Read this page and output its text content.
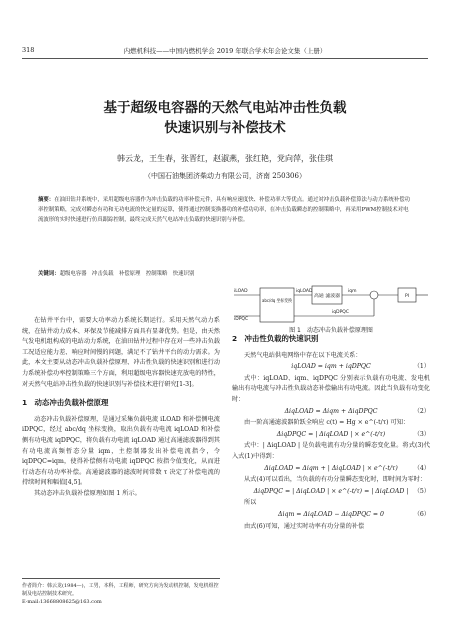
318	内燃机科技——中国内燃机学会 2019 年联合学术年会论文集（上册）
基于超级电容器的天然气电站冲击性负载
快速识别与补偿技术
韩云龙，王生春，张晋红，赵淑燕，张红艳，党向萍，张佳琪
（中国石油集团济柴动力有限公司，济南 250306）
摘要：在油田钻井系统中，采用超级电容器作为冲击负载的功率补偿元件，具有响应速度快、补偿功率大等优点。通过対冲击负载补偿算法与动力系统补偿功率控制策略，完成对瞬态有功和无功电流的快定量的运算，使得通过控制变换器功的补偿功功率，在冲击负载瞬态的控制策略中，再采用PWM控制技术对电流波形的实时快速进行仿真跟踪控制，最终完成天然气电站冲击负载的快速识别与补偿。
关键词：超级电容器　冲击负载　补偿原理　控制策略　快速识别
iLOAD
iDPQC
abc/dq 坐标变换
iqLOAD
高通 滤波器
iqm
iqDPQC
PI
图 1　动态冲击负载补偿原理图

在钻井平台中，需要大功率动力系统长期运行。采用天然气动力系统，在钻井动力成本、环保及节能减排方面具有显著优势。但是，由天然气发电机组构成的电站动力系统，在油田钻井过程中存在对一些冲击负载工况适应能力差、响应时间慢的问题，满足不了钻井平台的动力需求。为此，本文主要从动态冲击负载补偿原理、冲击性负载的快速识别和进行动力系统补偿功率控制策略三个方面，利用超级电容器快速充放电的特性，对天然气电站冲击性负载的快速识别与补偿技术进行研究[1-3]。

1　动态冲击负载补偿原理

动态冲击负载补偿原理，是通过采集负载电流 iLOAD 和补偿侧电流 iDPQC，经过 abc/dq 坐标变换，取出负载有功电流 iqLOAD 和补偿侧有功电流 iqDPQC，将负载有功电流 iqLOAD 通过高通滤波器得到其有功电流高频暂态分量 iqm，主控制器发出补偿电流指令，令 iqDPQC=iqm，使得补偿侧有功电流 iqDPQC 按指令值变化，从而进行动态有功功率补偿。高通滤波器的滤波时间常数 τ 决定了补偿电流的持续时间和幅值[4,5]。

其动态冲击负载补偿原理如图 1 所示。

2　冲击性负载的快速识别

天然气电站供电网络中存在以下电流关系：

iqLOAD = iqm + iqDPQC	（1）

式中：iqLOAD、iqm、iqDPQC 分别表示负载有功电流、发电机输出有功电流与冲击性负载动态补偿输出有功电流。因此当负载有功变化时：

ΔiqLOAD = Δiqm + ΔiqDPQC	（2）

由一阶高通滤波器阶跃全响应 c(t) = Hg × e^(-t/τ) 可知：

ΔiqDPQC = | ΔiqLOAD | × e^(-t/τ)	（3）

式中：| ΔiqLOAD | 是负载电流有功分量的瞬态变化量。将式(3)代入式(1)中得到：

ΔiqLOAD = Δiqm + | ΔiqLOAD | × e^(-t/τ)	（4）

从式(4)可以看出，当负载的有功分量瞬态变化时，即时间为零时：

ΔiqDPQC = | ΔiqLOAD | × e^(-t/τ) = | ΔiqLOAD | （5）

所以

Δiqm = ΔiqLOAD − ΔiqDPQC = 0	（6）

由式(6)可知，通过实时功率有功分量的补偿

作者简介：韩云龙(1984—)，工男，本科，工程师，研究方向为发动机控制，发电机组控制及电站控制技术研究。
E-mail:13668808625@163.com
